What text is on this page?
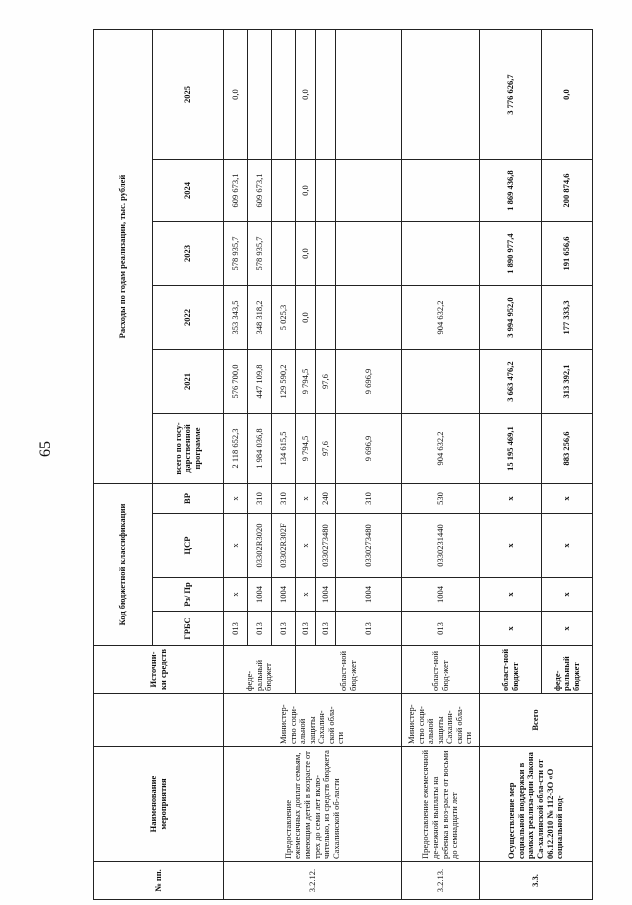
65
№ пп.	Наименование мероприятия		Источни-ки средств	Код бюджетной классификации				Расходы по годам реализации, тыс. рублей					
				ГРБС	Рз/ Пр	ЦСР	ВР	всего по госу-дарственной программе	2021	2022	2023	2024	2025
3.2.12.	Предоставление ежемесячных доплат семьям, имеющим детей в возрасте от трех до семи лет вклю-чительно, из средств бюджета Сахалинской об-ласти	Министер-ство соци-альной защиты Сахалин-ской обла-сти	феде-ральный бюджет	013	х	х	х	2 118 652,3	576 700,0	353 343,5	578 935,7	609 673,1	0,0
				013	1004	03302R3020	310	1 984 036,8	447 109,8	348 318,2	578 935,7	609 673,1	
				013	1004	03302R302F	310	134 615,5	129 590,2	5 025,3			
			област-ной бюд-жет	013	х	х	х	9 794,5	9 794,5	0,0	0,0	0,0	0,0
				013	1004	0330273480	240	97,6	97,6				
				013	1004	0330273480	310	9 696,9	9 696,9				
3.2.13.	Предоставление ежемесячной де-нежной выплаты на ребенка в воз-расте от восьми до семнадцати лет	Министер-ство соци-альной защиты Сахалин-ской обла-сти	област-ной бюд-жет	013	1004	0330231440	530	904 632,2		904 632,2			
3.3.	Осуществление мер социальной поддержки в рамках реализа-ции Закона Са-халинской обла-сти от 06.12.2010 № 112-ЗО «О социальной под-	Всего	област-ной бюджет	х	х	х	х	15 195 469,1	3 663 476,2	3 994 952,0	1 890 977,4	1 869 436,8	3 776 626,7
			феде-ральный бюджет	х	х	х	х	883 256,6	313 392,1	177 333,3	191 656,6	200 874,6	0,0
